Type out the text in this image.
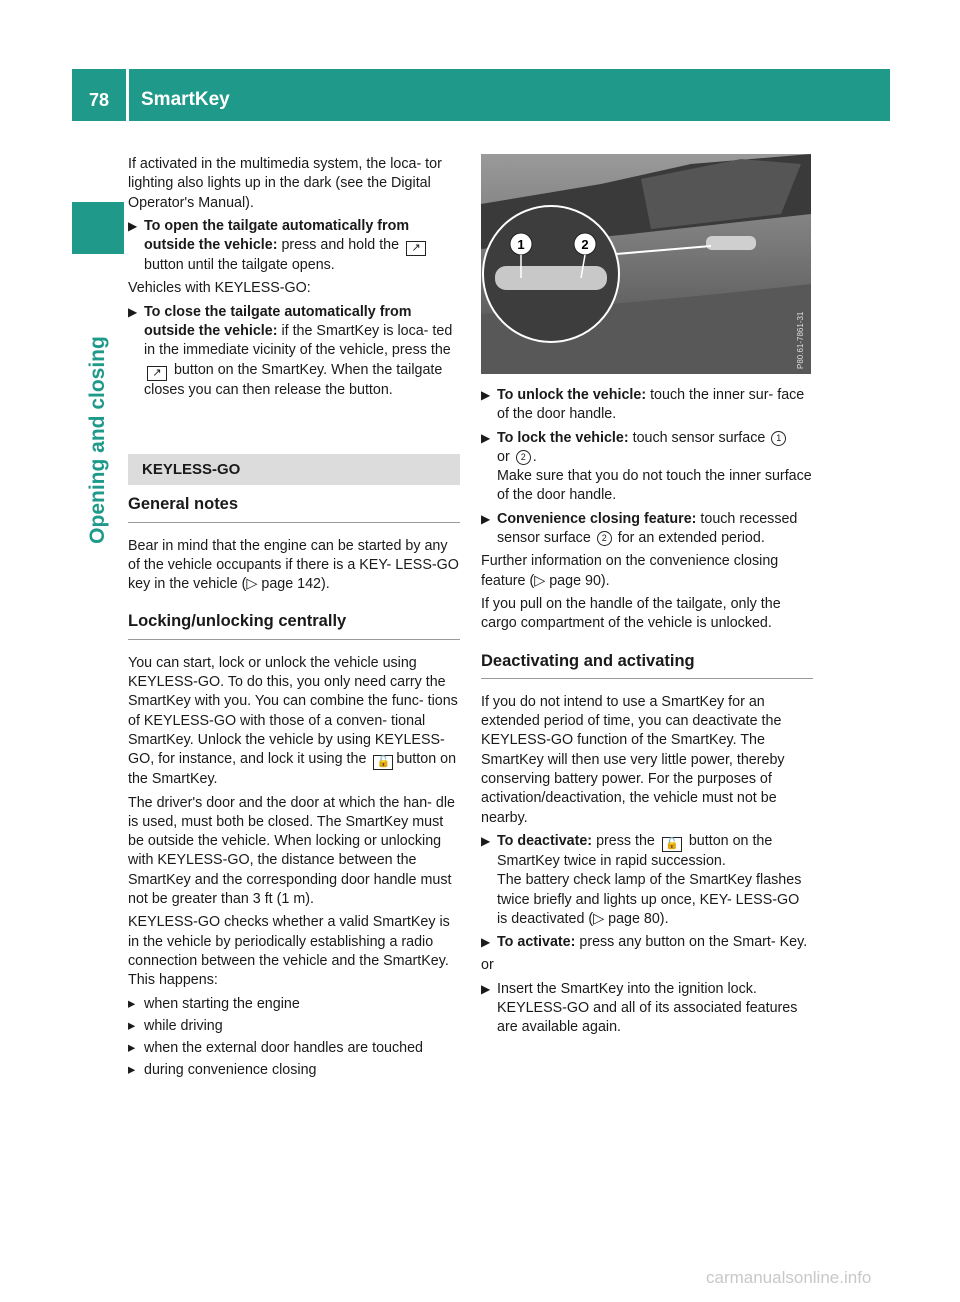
78	SmartKey
Opening and closing

If activated in the multimedia system, the loca- tor lighting also lights up in the dark (see the Digital Operator's Manual).

▶ To open the tailgate automatically from outside the vehicle: press and hold the ↗ button until the tailgate opens.

Vehicles with KEYLESS-GO:

▶ To close the tailgate automatically from outside the vehicle: if the SmartKey is loca- ted in the immediate vicinity of the vehicle, press the ↗ button on the SmartKey. When the tailgate closes you can then release the button.
KEYLESS-GO
General notes

Bear in mind that the engine can be started by any of the vehicle occupants if there is a KEY- LESS-GO key in the vehicle (▷ page 142).

Locking/unlocking centrally

You can start, lock or unlock the vehicle using KEYLESS-GO. To do this, you only need carry the SmartKey with you. You can combine the func- tions of KEYLESS-GO with those of a conven- tional SmartKey. Unlock the vehicle by using KEYLESS-GO, for instance, and lock it using the 🔓 button on the SmartKey.

The driver's door and the door at which the han- dle is used, must both be closed. The SmartKey must be outside the vehicle. When locking or unlocking with KEYLESS-GO, the distance between the SmartKey and the corresponding door handle must not be greater than 3 ft (1 m).

KEYLESS-GO checks whether a valid SmartKey is in the vehicle by periodically establishing a radio connection between the vehicle and the SmartKey. This happens:

▸ when starting the engine
▸ while driving
▸ when the external door handles are touched
▸ during convenience closing
1	2
P80.61-7861-31
▶ To unlock the vehicle: touch the inner sur- face of the door handle.
▶ To lock the vehicle: touch sensor surface 1
or 2 .
Make sure that you do not touch the inner surface of the door handle.
▶ Convenience closing feature: touch recessed sensor surface 2 for an extended period.

Further information on the convenience closing feature (▷ page 90).

If you pull on the handle of the tailgate, only the cargo compartment of the vehicle is unlocked.

Deactivating and activating

If you do not intend to use a SmartKey for an extended period of time, you can deactivate the KEYLESS-GO function of the SmartKey. The SmartKey will then use very little power, thereby conserving battery power. For the purposes of activation/deactivation, the vehicle must not be nearby.

▶ To deactivate: press the 🔓 button on the SmartKey twice in rapid succession.
The battery check lamp of the SmartKey flashes twice briefly and lights up once, KEY- LESS-GO is deactivated (▷ page 80).
▶ To activate: press any button on the Smart- Key.

or

▶ Insert the SmartKey into the ignition lock.
KEYLESS-GO and all of its associated features are available again.
carmanualsonline.info
